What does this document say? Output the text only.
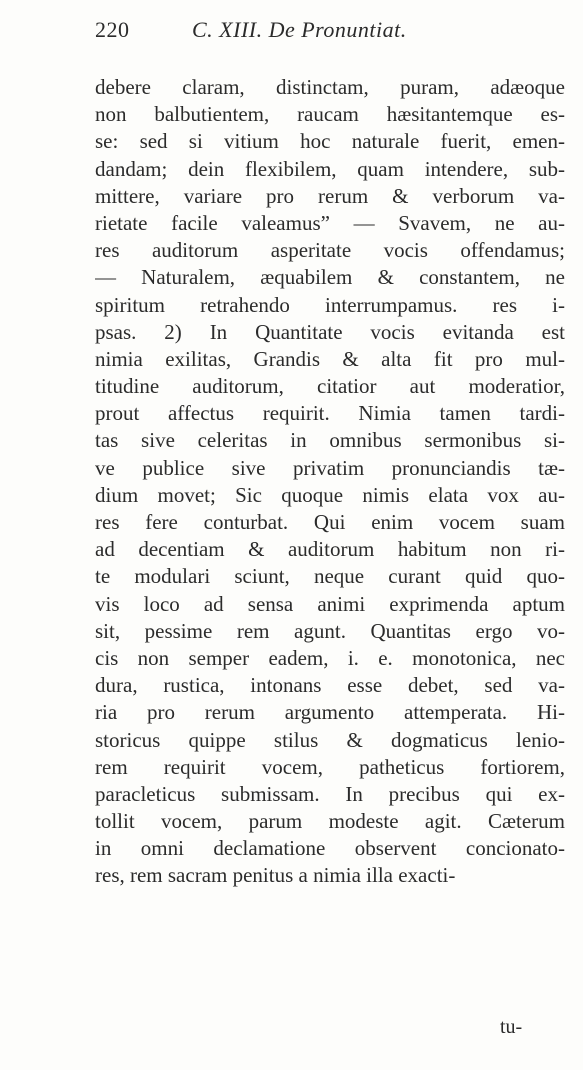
220	C. XIII. De Pronuntiat.
debere claram, distinctam, puram, adæoque
non balbutientem, raucam hæsitantemque es-
se: sed si vitium hoc naturale fuerit, emen-
dandam; dein flexibilem, quam intendere, sub-
mittere, variare pro rerum & verborum va-
rietate facile valeamus” — Svavem, ne au-
res auditorum asperitate vocis offendamus;
— Naturalem, æquabilem & constantem, ne
spiritum retrahendo interrumpamus. res i-
psas. 2) In Quantitate vocis evitanda est
nimia exilitas, Grandis & alta fit pro mul-
titudine auditorum, citatior aut moderatior,
prout affectus requirit. Nimia tamen tardi-
tas sive celeritas in omnibus sermonibus si-
ve publice sive privatim pronunciandis tæ-
dium movet; Sic quoque nimis elata vox au-
res fere conturbat. Qui enim vocem suam
ad decentiam & auditorum habitum non ri-
te modulari sciunt, neque curant quid quo-
vis loco ad sensa animi exprimenda aptum
sit, pessime rem agunt. Quantitas ergo vo-
cis non semper eadem, i. e. monotonica, nec
dura, rustica, intonans esse debet, sed va-
ria pro rerum argumento attemperata. Hi-
storicus quippe stilus & dogmaticus lenio-
rem requirit vocem, patheticus fortiorem,
paracleticus submissam. In precibus qui ex-
tollit vocem, parum modeste agit. Cæterum
in omni declamatione observent concionato-
res, rem sacram penitus a nimia illa exacti-
tu-
